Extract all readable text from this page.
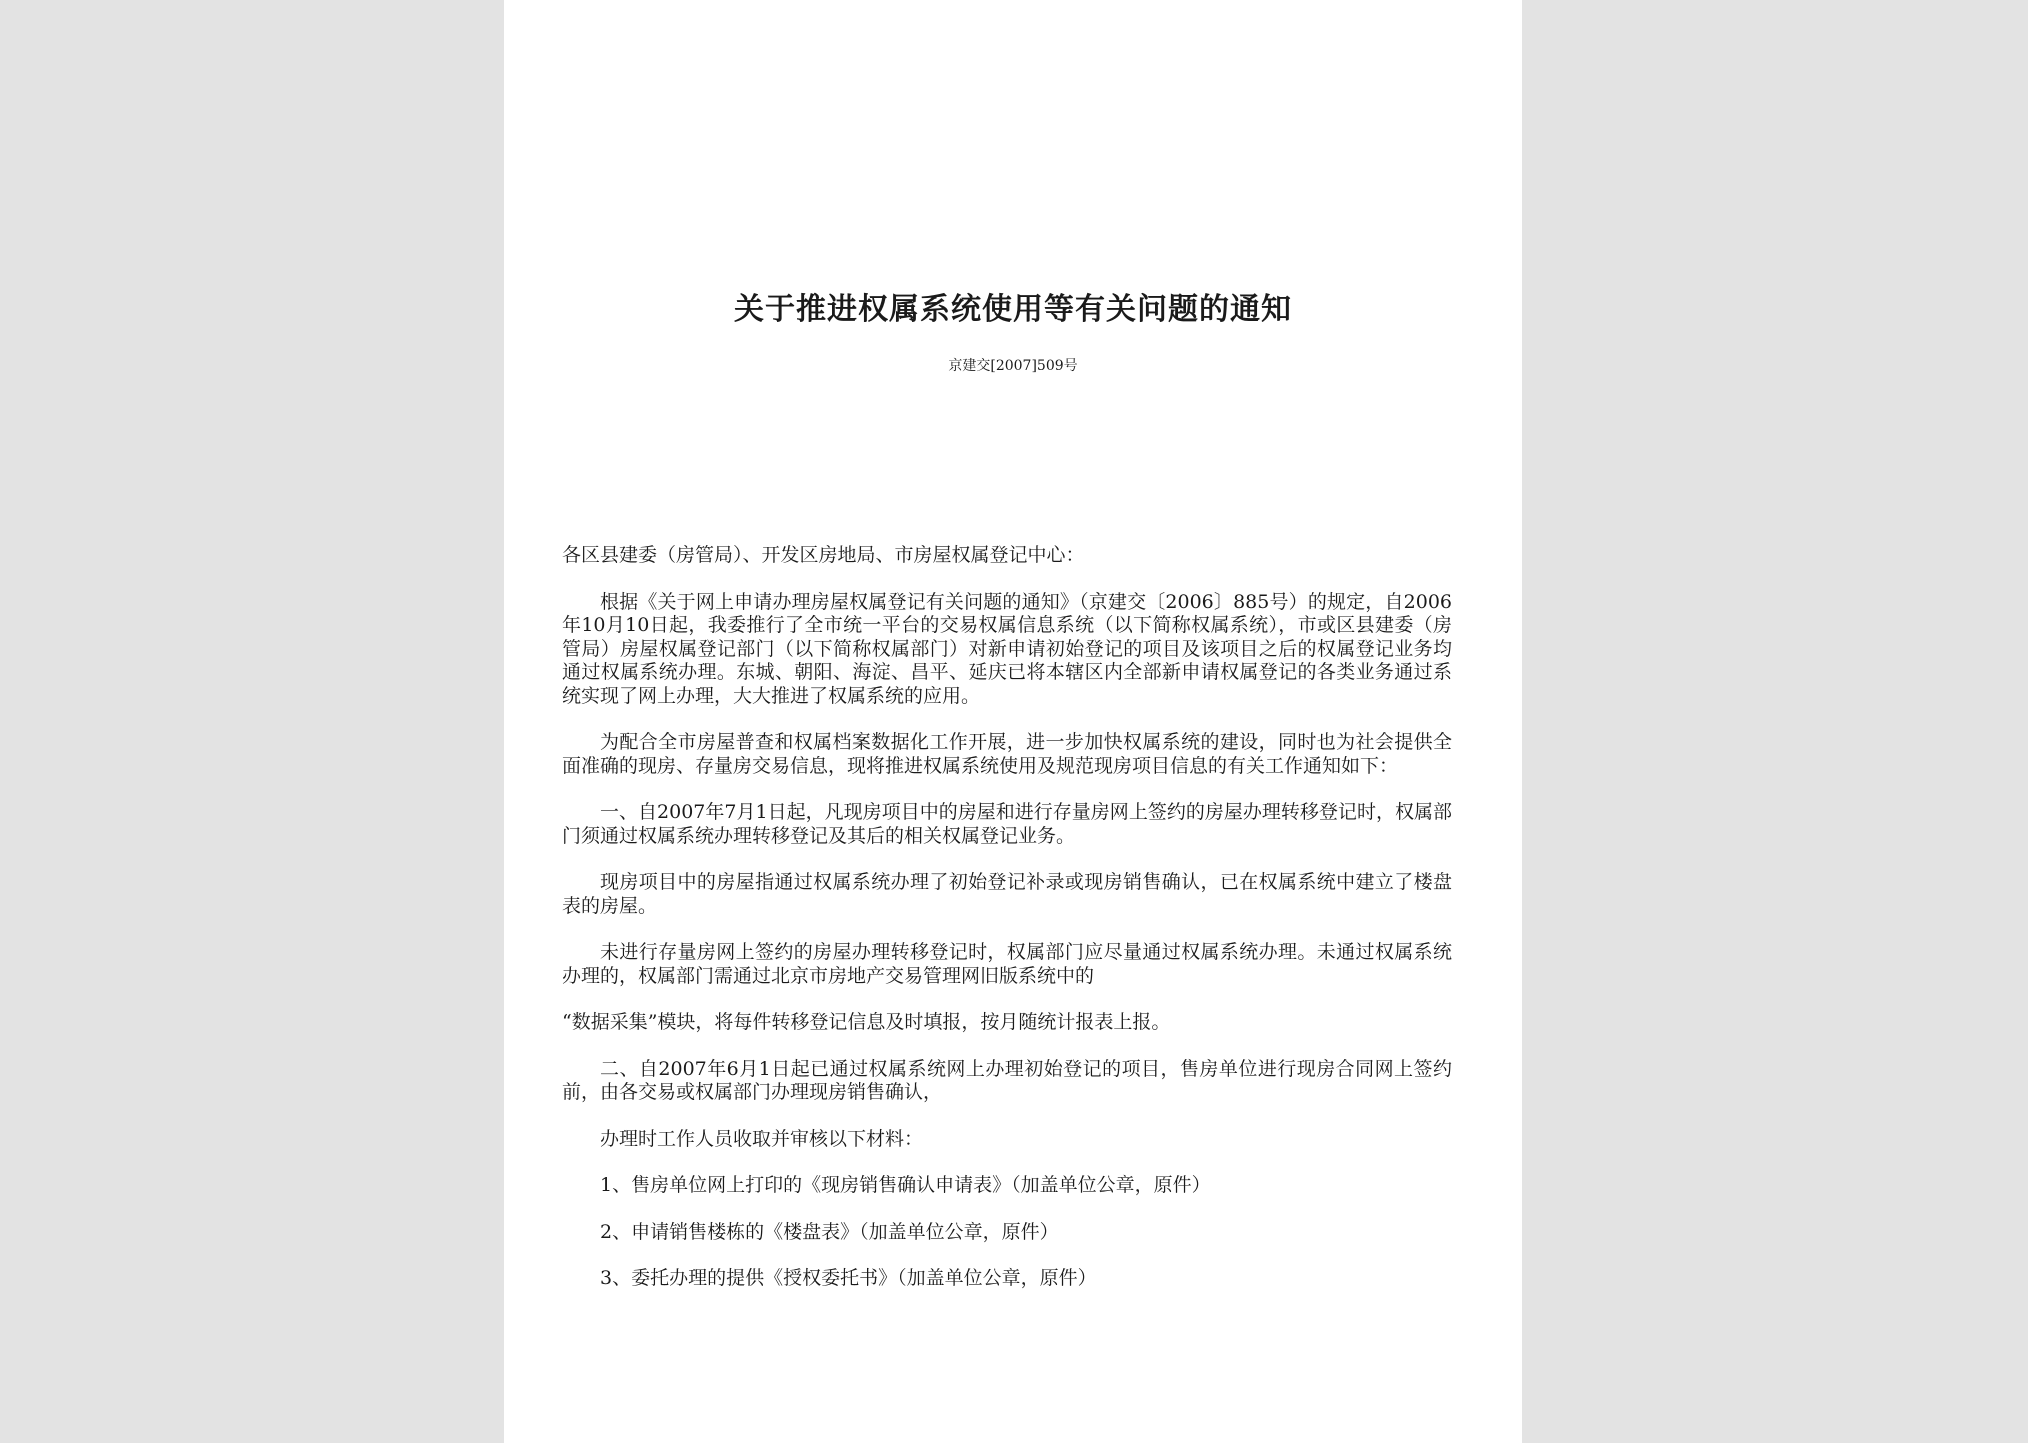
关于推进权属系统使用等有关问题的通知
京建交[2007]509号

各区县建委（房管局）、开发区房地局、市房屋权属登记中心：

根据《关于网上申请办理房屋权属登记有关问题的通知》（京建交〔2006〕885号）的规定，自2006年10月10日起，我委推行了全市统一平台的交易权属信息系统（以下简称权属系统），市或区县建委（房管局）房屋权属登记部门（以下简称权属部门）对新申请初始登记的项目及该项目之后的权属登记业务均通过权属系统办理。东城、朝阳、海淀、昌平、延庆已将本辖区内全部新申请权属登记的各类业务通过系统实现了网上办理，大大推进了权属系统的应用。

为配合全市房屋普查和权属档案数据化工作开展，进一步加快权属系统的建设，同时也为社会提供全面准确的现房、存量房交易信息，现将推进权属系统使用及规范现房项目信息的有关工作通知如下：

一、自2007年7月1日起，凡现房项目中的房屋和进行存量房网上签约的房屋办理转移登记时，权属部门须通过权属系统办理转移登记及其后的相关权属登记业务。

现房项目中的房屋指通过权属系统办理了初始登记补录或现房销售确认，已在权属系统中建立了楼盘表的房屋。

未进行存量房网上签约的房屋办理转移登记时，权属部门应尽量通过权属系统办理。未通过权属系统办理的，权属部门需通过北京市房地产交易管理网旧版系统中的

“数据采集”模块，将每件转移登记信息及时填报，按月随统计报表上报。

二、自2007年6月1日起已通过权属系统网上办理初始登记的项目，售房单位进行现房合同网上签约前，由各交易或权属部门办理现房销售确认，

办理时工作人员收取并审核以下材料：

1、售房单位网上打印的《现房销售确认申请表》（加盖单位公章，原件）

2、申请销售楼栋的《楼盘表》（加盖单位公章，原件）

3、委托办理的提供《授权委托书》（加盖单位公章，原件）
